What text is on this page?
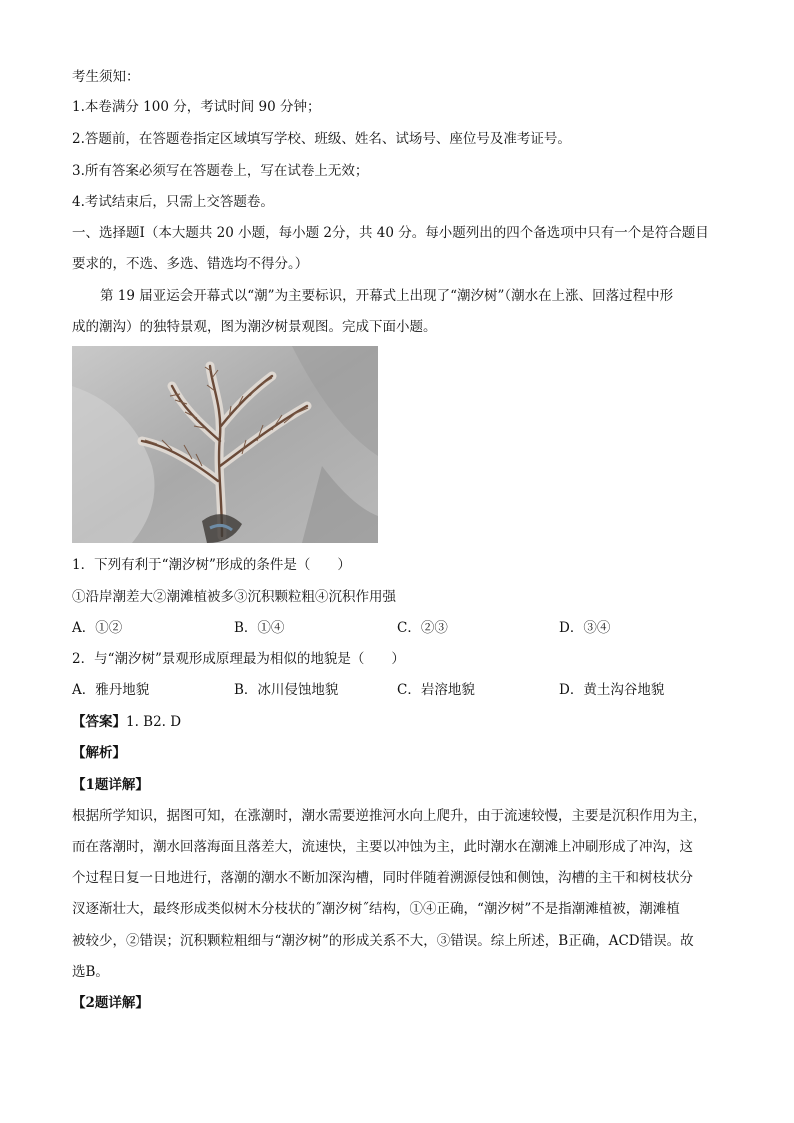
考生须知：
1.本卷满分 100 分，考试时间 90 分钟；
2.答题前，在答题卷指定区域填写学校、班级、姓名、试场号、座位号及准考证号。
3.所有答案必须写在答题卷上，写在试卷上无效；
4.考试结束后，只需上交答题卷。
一、选择题Ⅰ（本大题共 20 小题，每小题 2分，共 40 分。每小题列出的四个备选项中只有一个是符合题目
要求的，不选、多选、错选均不得分。）
第 19 届亚运会开幕式以“潮”为主要标识，开幕式上出现了“潮汐树”（潮水在上涨、回落过程中形
成的潮沟）的独特景观，图为潮汐树景观图。完成下面小题。
1．下列有利于“潮汐树”形成的条件是（　　）
①沿岸潮差大②潮滩植被多③沉积颗粒粗④沉积作用强
A．①②	B．①④	C．②③	D．③④
2．与“潮汐树”景观形成原理最为相似的地貌是（　　）
A．雅丹地貌	B．冰川侵蚀地貌	C．岩溶地貌	D．黄土沟谷地貌
【答案】1. B2. D
【解析】
【1题详解】
根据所学知识，据图可知，在涨潮时，潮水需要逆推河水向上爬升，由于流速较慢，主要是沉积作用为主，
而在落潮时，潮水回落海面且落差大，流速快，主要以冲蚀为主，此时潮水在潮滩上冲刷形成了冲沟，这
个过程日复一日地进行，落潮的潮水不断加深沟槽，同时伴随着溯源侵蚀和侧蚀，沟槽的主干和树枝状分
汊逐渐壮大，最终形成类似树木分枝状的˝潮汐树˝结构，①④正确，“潮汐树”不是指潮滩植被，潮滩植
被较少，②错误；沉积颗粒粗细与“潮汐树”的形成关系不大，③错误。综上所述，B正确，ACD错误。故
选B。
【2题详解】
